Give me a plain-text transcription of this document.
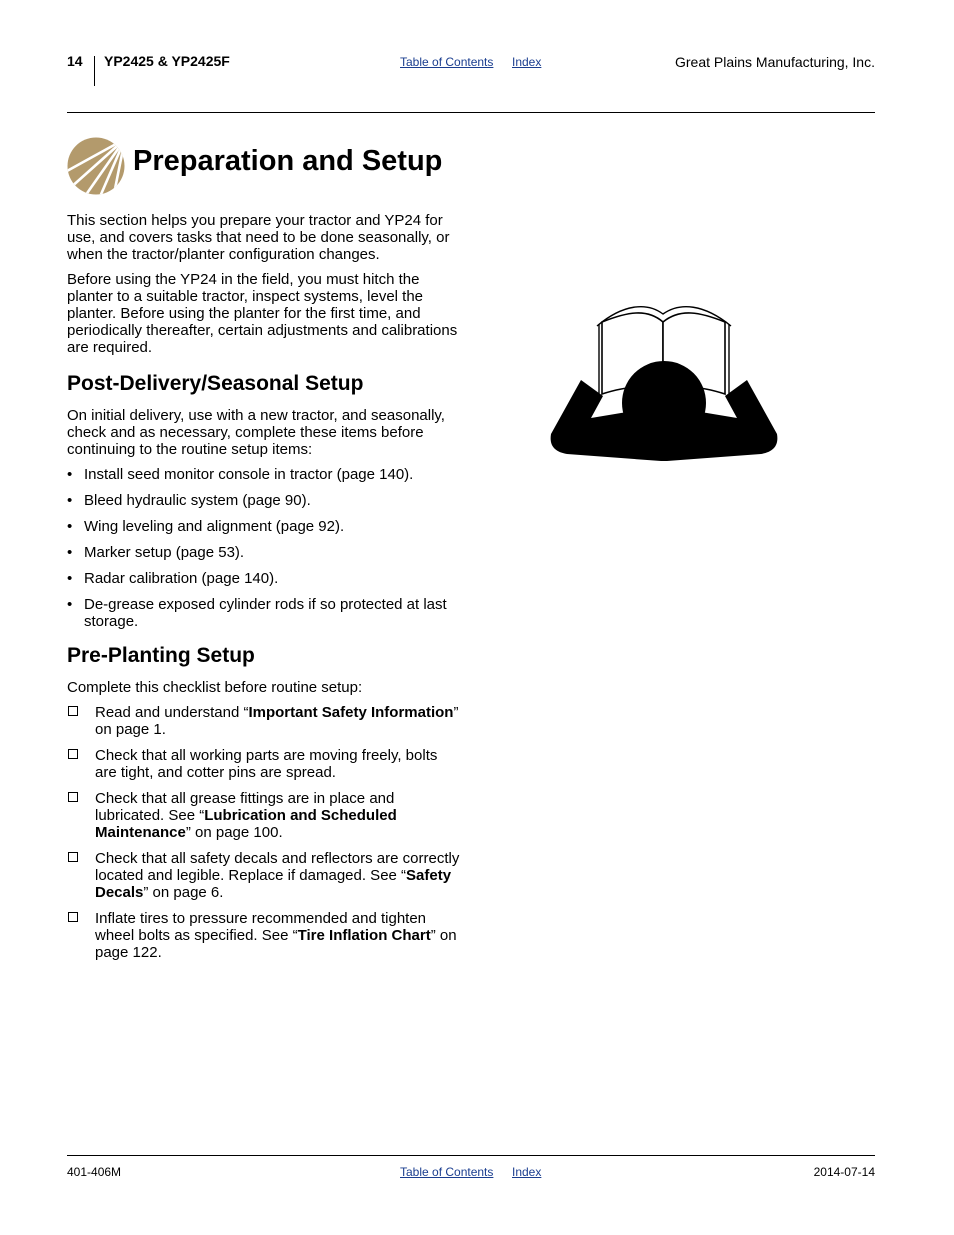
14 YP2425 & YP2425F	Table of Contents Index	Great Plains Manufacturing, Inc.
Preparation and Setup

This section helps you prepare your tractor and YP24 for use, and covers tasks that need to be done seasonally, or when the tractor/planter configuration changes.

Before using the YP24 in the field, you must hitch the planter to a suitable tractor, inspect systems, level the planter. Before using the planter for the first time, and periodically thereafter, certain adjustments and calibrations are required.

Post-Delivery/Seasonal Setup

On initial delivery, use with a new tractor, and seasonally, check and as necessary, complete these items before continuing to the routine setup items:

• Install seed monitor console in tractor (page 140).
• Bleed hydraulic system (page 90).
• Wing leveling and alignment (page 92).
• Marker setup (page 53).
• Radar calibration (page 140).
• De-grease exposed cylinder rods if so protected at last storage.
Pre-Planting Setup

Complete this checklist before routine setup:

Read and understand “Important Safety Information” on page 1.
Check that all working parts are moving freely, bolts are tight, and cotter pins are spread.
Check that all grease fittings are in place and lubricated. See “Lubrication and Scheduled Maintenance” on page 100.
Check that all safety decals and reflectors are correctly located and legible. Replace if damaged. See “Safety Decals” on page 6.
Inflate tires to pressure recommended and tighten wheel bolts as specified. See “Tire Inflation Chart” on page 122.
401-406M	Table of Contents Index	2014-07-14
